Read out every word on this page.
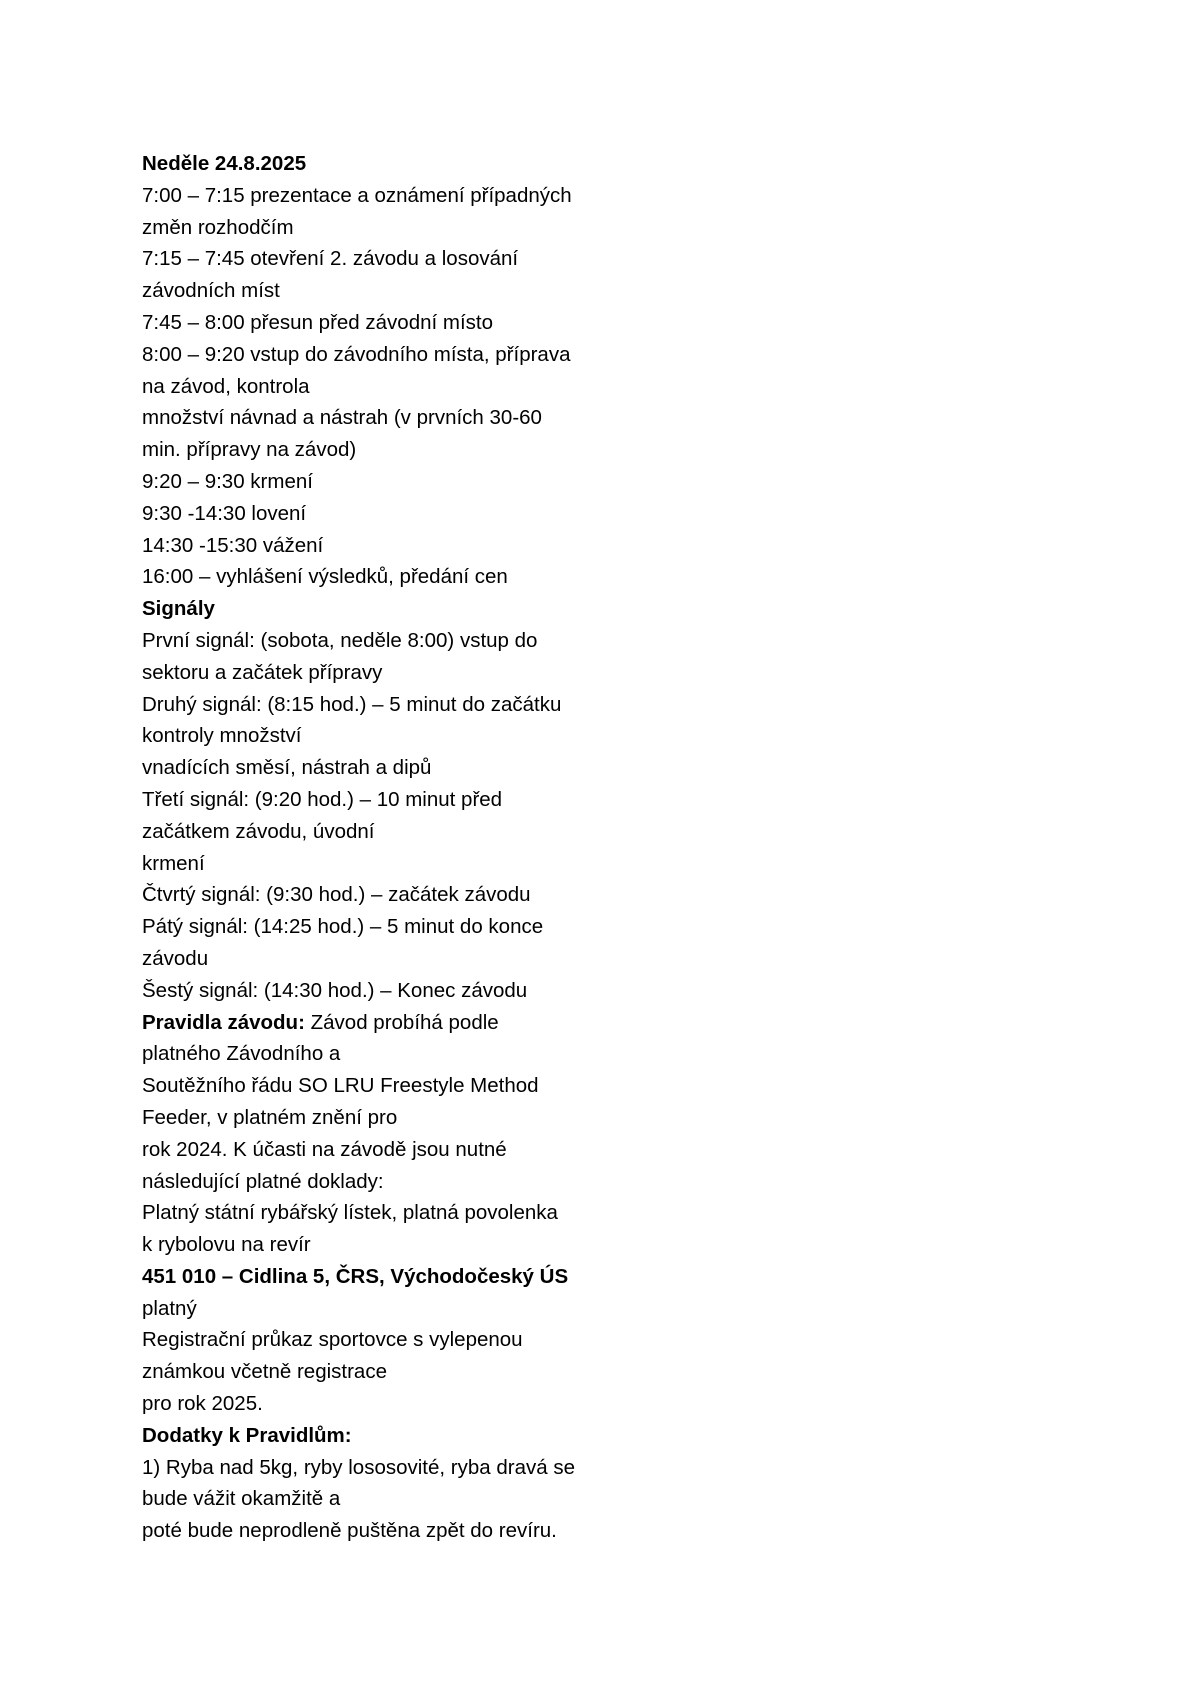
Neděle 24.8.2025

7:00 – 7:15 prezentace a oznámení případných

změn rozhodčím

7:15 – 7:45 otevření 2. závodu a losování

závodních míst

7:45 – 8:00 přesun před závodní místo

8:00 – 9:20 vstup do závodního místa, příprava

na závod, kontrola

množství návnad a nástrah (v prvních 30-60

min. přípravy na závod)

9:20 – 9:30 krmení

9:30 -14:30 lovení

14:30 -15:30 vážení

16:00 – vyhlášení výsledků, předání cen

Signály

První signál: (sobota, neděle 8:00) vstup do

sektoru a začátek přípravy

Druhý signál: (8:15 hod.) – 5 minut do začátku

kontroly množství

vnadících směsí, nástrah a dipů

Třetí signál: (9:20 hod.) – 10 minut před

začátkem závodu, úvodní

krmení

Čtvrtý signál: (9:30 hod.) – začátek závodu

Pátý signál: (14:25 hod.) – 5 minut do konce

závodu

Šestý signál: (14:30 hod.) – Konec závodu

Pravidla závodu: Závod probíhá podle

platného Závodního a

Soutěžního řádu SO LRU Freestyle Method

Feeder, v platném znění pro

rok 2024. K účasti na závodě jsou nutné

následující platné doklady:

Platný státní rybářský lístek, platná povolenka

k rybolovu na revír

451 010 – Cidlina 5, ČRS, Východočeský ÚS

platný

Registrační průkaz sportovce s vylepenou

známkou včetně registrace

pro rok 2025.

Dodatky k Pravidlům:

1) Ryba nad 5kg, ryby lososovité, ryba dravá se

bude vážit okamžitě a

poté bude neprodleně puštěna zpět do revíru.
